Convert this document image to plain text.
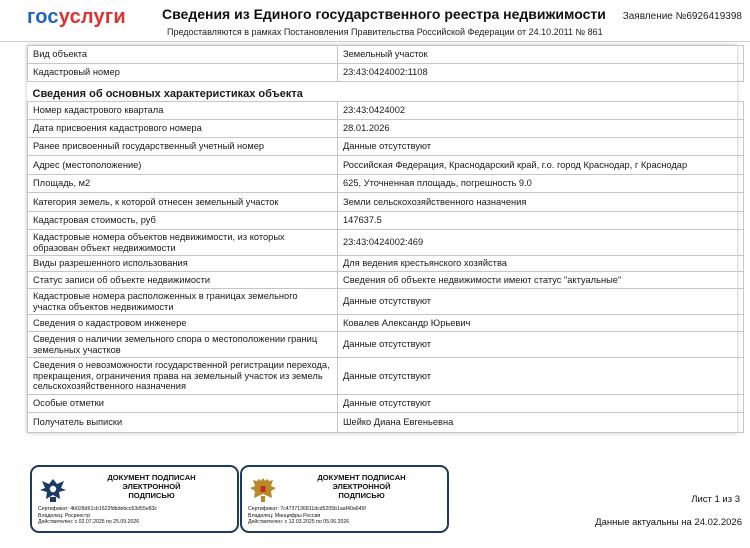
госуслуги	Сведения из Единого государственного реестра недвижимости
Предоставляются в рамках Постановления Правительства Российской Федерации от 24.10.2011 № 861
Заявление №6926419398
Вид объекта	Земельный участок
Кадастровый номер	23:43:0424002:1108
Сведения об основных характеристиках объекта	
Номер кадастрового квартала	23:43:0424002
Дата присвоения кадастрового номера	28.01.2026
Ранее присвоенный государственный учетный номер	Данные отсутствуют
Адрес (местоположение)	Российская Федерация, Краснодарский край, г.о. город Краснодар, г Краснодар
Площадь, м2	625, Уточненная площадь, погрешность 9.0
Категория земель, к которой отнесен земельный участок	Земли сельскохозяйственного назначения
Кадастровая стоимость, руб	147637.5
Кадастровые номера объектов недвижимости, из которых образован объект недвижимости	23:43:0424002:469
Виды разрешенного использования	Для ведения крестьянского хозяйства
Статус записи об объекте недвижимости	Сведения об объекте недвижимости имеют статус "актуальные"
Кадастровые номера расположенных в границах земельного участка объектов недвижимости	Данные отсутствуют
Сведения о кадастровом инженере	Ковалев Александр Юрьевич
Сведения о наличии земельного спора о местоположении границ земельных участков	Данные отсутствуют
Сведения о невозможности государственной регистрации перехода, прекращения, ограничения права на земельный участок из земель сельскохозяйственного назначения	Данные отсутствуют
Особые отметки	Данные отсутствуют
Получатель выписки	Шейко Диана Евгеньевна
ДОКУМЕНТ ПОДПИСАН
ЭЛЕКТРОННОЙ
ПОДПИСЬЮ
Сертификат: 4b028d61cb1622fdbdebcc63d55e83c
Владелец: Росреестр
Действителен: с 02.07.2025 по 25.09.2026
ДОКУМЕНТ ПОДПИСАН
ЭЛЕКТРОННОЙ
ПОДПИСЬЮ
Сертификат: 7c4737136811dcd5205b1aaf40a645f
Владелец: Минцифры России
Действителен: с 12.03.2025 по 05.06.2026
Лист 1 из 3
Данные актуальны на 24.02.2026
